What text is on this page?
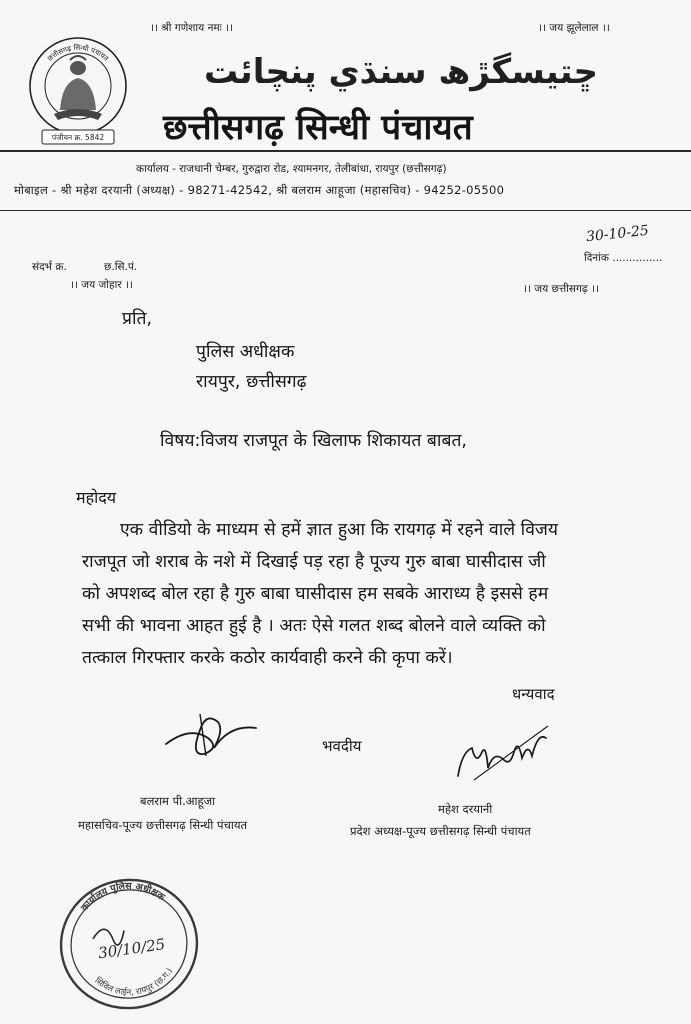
।। श्री गणेशाय नमः ।।	।। जय झूलेलाल ।।
छत्तीसगढ़ सिन्धी पंचायत
पंजीयन क्र. 5842
ڇتيسگڙھ سنڌي پنچائت
छत्तीसगढ़ सिन्धी पंचायत
कार्यालय - राजधानी चेम्बर, गुरुद्वारा रोड, श्यामनगर, तेलीबांधा, रायपुर (छत्तीसगढ़)
मोबाइल - श्री महेश दरयानी (अध्यक्ष) - 98271-42542, श्री बलराम आहूजा (महासचिव) - 94252-05500
संदर्भ क्र.	छ.सि.पं.
30-10-25
दिनांक ...............
।। जय जोहार ।।	।। जय छत्तीसगढ़ ।।
प्रति,
पुलिस अधीक्षक
रायपुर, छत्तीसगढ़
विषय:विजय राजपूत के खिलाफ शिकायत बाबत,
महोदय
एक वीडियो के माध्यम से हमें ज्ञात हुआ कि रायगढ़ में रहने वाले विजय
राजपूत जो शराब के नशे में दिखाई पड़ रहा है पूज्य गुरु बाबा घासीदास जी
को अपशब्द बोल रहा है गुरु बाबा घासीदास हम सबके आराध्य है इससे हम
सभी की भावना आहत हुई है । अतः ऐसे गलत शब्द बोलने वाले व्यक्ति को
तत्काल गिरफ्तार करके कठोर कार्यवाही करने की कृपा करें।
धन्यवाद
भवदीय
बलराम पी.आहूजा
महासचिव-पूज्य छत्तीसगढ़ सिन्धी पंचायत
महेश दरयानी
प्रदेश अध्यक्ष-पूज्य छत्तीसगढ़ सिन्धी पंचायत
कार्यालय पुलिस अधीक्षक
सिविल लाईन, रायपुर (छ.ग.)
30/10/25
